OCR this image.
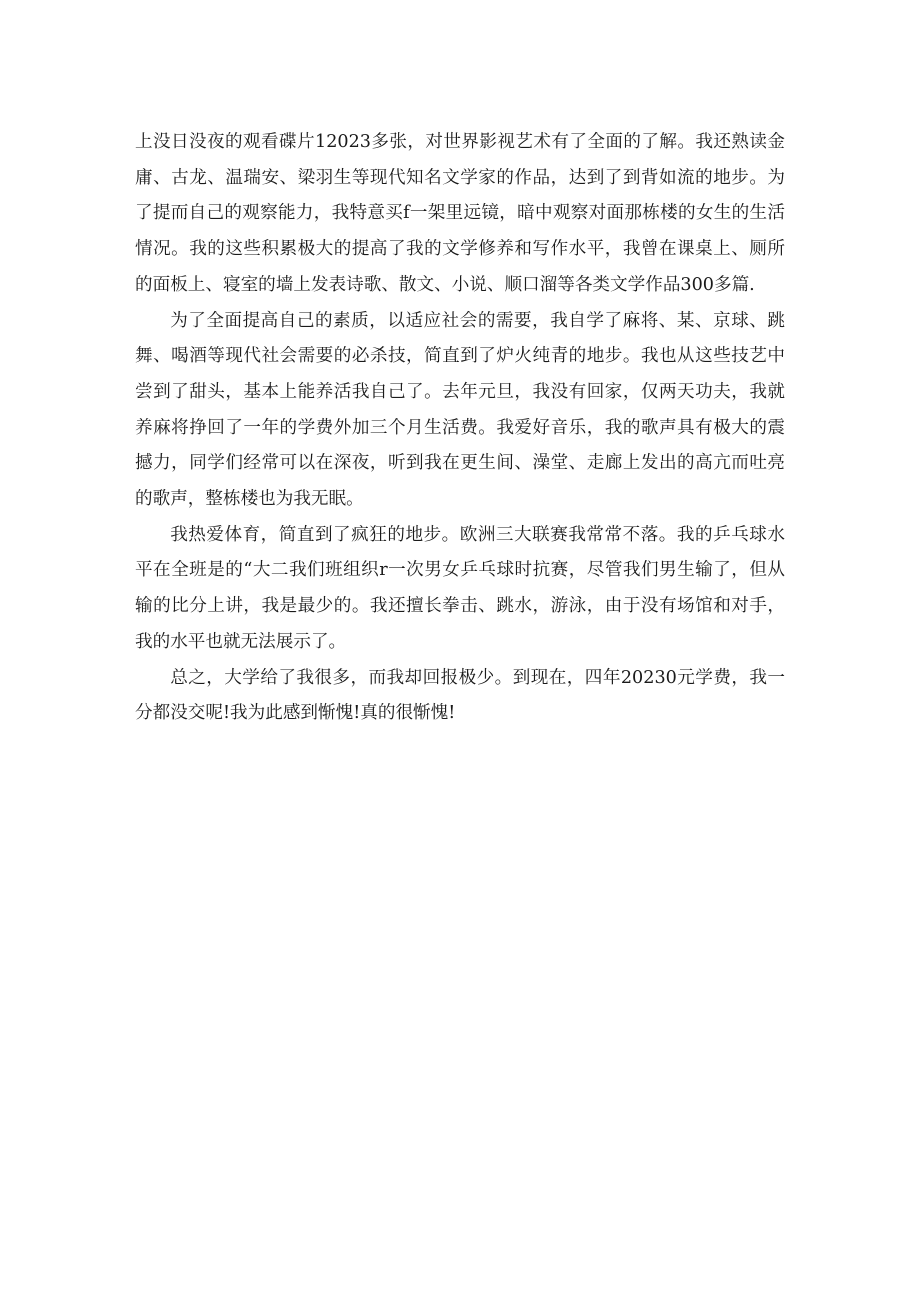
上没日没夜的观看碟片12023多张，对世界影视艺术有了全面的了解。我还熟读金庸、古龙、温瑞安、梁羽生等现代知名文学家的作品，达到了到背如流的地步。为了提而自己的观察能力，我特意买f一架里远镜，暗中观察对面那栋楼的女生的生活情况。我的这些积累极大的提高了我的文学修养和写作水平，我曾在课桌上、厕所的面板上、寝室的墙上发表诗歌、散文、小说、顺口溜等各类文学作品300多篇.

为了全面提高自己的素质，以适应社会的需要，我自学了麻将、某、京球、跳舞、喝酒等现代社会需要的必杀技，简直到了炉火纯青的地步。我也从这些技艺中尝到了甜头，基本上能养活我自己了。去年元旦，我没有回家，仅两天功夫，我就养麻将挣回了一年的学费外加三个月生活费。我爱好音乐，我的歌声具有极大的震撼力，同学们经常可以在深夜，听到我在更生间、澡堂、走廊上发出的高亢而吐亮的歌声，整栋楼也为我无眠。

我热爱体育，简直到了疯狂的地步。欧洲三大联赛我常常不落。我的乒乓球水平在全班是的“大二我们班组织r一次男女乒乓球时抗赛，尽管我们男生输了，但从输的比分上讲，我是最少的。我还擅长拳击、跳水，游泳，由于没有场馆和对手，我的水平也就无法展示了。

总之，大学给了我很多，而我却回报极少。到现在，四年20230元学费，我一分都没交呢!我为此感到惭愧!真的很惭愧!
